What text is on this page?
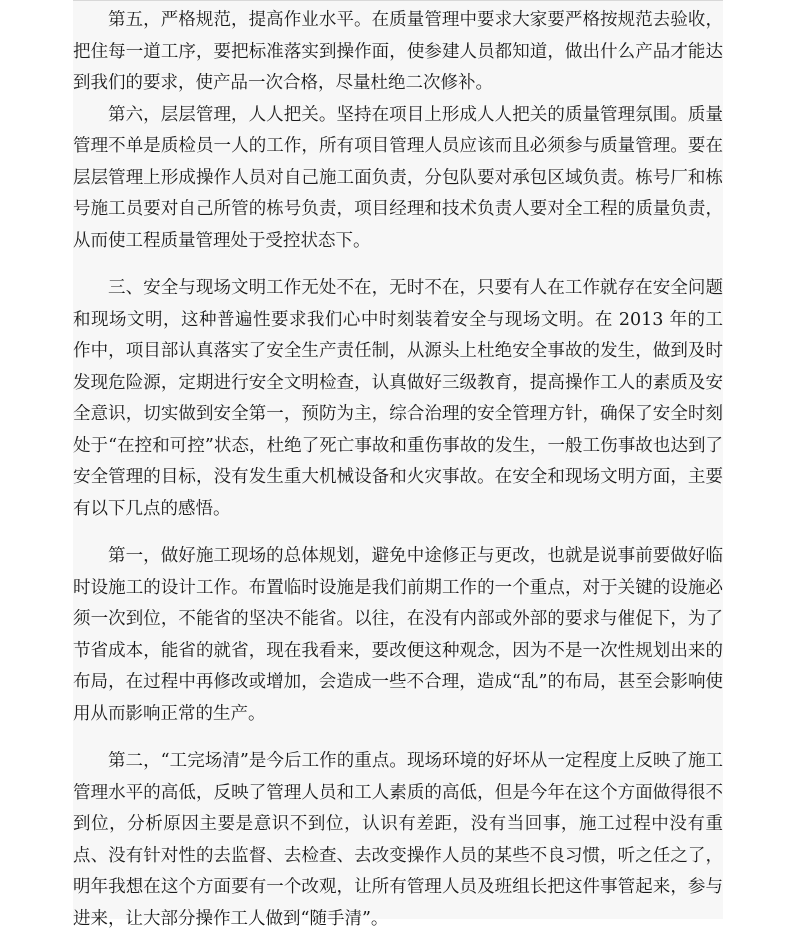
第五，严格规范，提高作业水平。在质量管理中要求大家要严格按规范去验收，把住每一道工序，要把标准落实到操作面，使参建人员都知道，做出什么产品才能达到我们的要求，使产品一次合格，尽量杜绝二次修补。

第六，层层管理，人人把关。坚持在项目上形成人人把关的质量管理氛围。质量管理不单是质检员一人的工作，所有项目管理人员应该而且必须参与质量管理。要在层层管理上形成操作人员对自己施工面负责，分包队要对承包区域负责。栋号厂和栋号施工员要对自己所管的栋号负责，项目经理和技术负责人要对全工程的质量负责，从而使工程质量管理处于受控状态下。

三、安全与现场文明工作无处不在，无时不在，只要有人在工作就存在安全问题和现场文明，这种普遍性要求我们心中时刻装着安全与现场文明。在 2013 年的工作中，项目部认真落实了安全生产责任制，从源头上杜绝安全事故的发生，做到及时发现危险源，定期进行安全文明检查，认真做好三级教育，提高操作工人的素质及安全意识，切实做到安全第一，预防为主，综合治理的安全管理方针，确保了安全时刻处于“在控和可控”状态，杜绝了死亡事故和重伤事故的发生，一般工伤事故也达到了安全管理的目标，没有发生重大机械设备和火灾事故。在安全和现场文明方面，主要有以下几点的感悟。

第一，做好施工现场的总体规划，避免中途修正与更改，也就是说事前要做好临时设施工的设计工作。布置临时设施是我们前期工作的一个重点，对于关键的设施必须一次到位，不能省的坚决不能省。以往，在没有内部或外部的要求与催促下，为了节省成本，能省的就省，现在我看来，要改便这种观念，因为不是一次性规划出来的布局，在过程中再修改或增加，会造成一些不合理，造成“乱”的布局，甚至会影响使用从而影响正常的生产。

第二，“工完场清”是今后工作的重点。现场环境的好坏从一定程度上反映了施工管理水平的高低，反映了管理人员和工人素质的高低，但是今年在这个方面做得很不到位，分析原因主要是意识不到位，认识有差距，没有当回事，施工过程中没有重点、没有针对性的去监督、去检查、去改变操作人员的某些不良习惯，听之任之了，明年我想在这个方面要有一个改观，让所有管理人员及班组长把这件事管起来，参与进来，让大部分操作工人做到“随手清”。
